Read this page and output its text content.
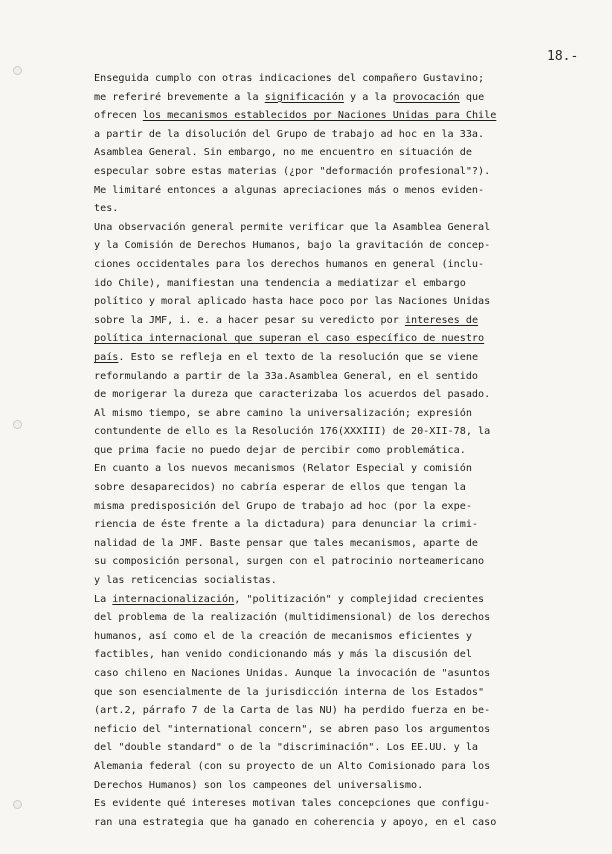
18.-
Enseguida cumplo con otras indicaciones del compañero Gustavino;
me referiré brevemente a la significación y a la provocación que
ofrecen los mecanismos establecidos por Naciones Unidas para Chile
a partir de la disolución del Grupo de trabajo ad hoc en la 33a.
Asamblea General. Sin embargo, no me encuentro en situación de
especular sobre estas materias (¿por "deformación profesional"?).
Me limitaré entonces a algunas apreciaciones más o menos eviden-
tes.
Una observación general permite verificar que la Asamblea General
y la Comisión de Derechos Humanos, bajo la gravitación de concep-
ciones occidentales para los derechos humanos en general (inclu-
ido Chile), manifiestan una tendencia a mediatizar el embargo
político y moral aplicado hasta hace poco por las Naciones Unidas
sobre la JMF, i. e. a hacer pesar su veredicto por intereses de
política internacional que superan el caso específico de nuestro
país. Esto se refleja en el texto de la resolución que se viene
reformulando a partir de la 33a.Asamblea General, en el sentido
de morigerar la dureza que caracterizaba los acuerdos del pasado.
Al mismo tiempo, se abre camino la universalización; expresión
contundente de ello es la Resolución 176(XXXIII) de 20-XII-78, la
que prima facie no puedo dejar de percibir como problemática.
En cuanto a los nuevos mecanismos (Relator Especial y comisión
sobre desaparecidos) no cabría esperar de ellos que tengan la
misma predisposición del Grupo de trabajo ad hoc (por la expe-
riencia de éste frente a la dictadura) para denunciar la crimi-
nalidad de la JMF. Baste pensar que tales mecanismos, aparte de
su composición personal, surgen con el patrocinio norteamericano
y las reticencias socialistas.
La internacionalización, "politización" y complejidad crecientes
del problema de la realización (multidimensional) de los derechos
humanos, así como el de la creación de mecanismos eficientes y
factibles, han venido condicionando más y más la discusión del
caso chileno en Naciones Unidas. Aunque la invocación de "asuntos
que son esencialmente de la jurisdicción interna de los Estados"
(art.2, párrafo 7 de la Carta de las NU) ha perdido fuerza en be-
neficio del "international concern", se abren paso los argumentos
del "double standard" o de la "discriminación". Los EE.UU. y la
Alemania federal (con su proyecto de un Alto Comisionado para los
Derechos Humanos) son los campeones del universalismo.
Es evidente qué intereses motivan tales concepciones que configu-
ran una estrategia que ha ganado en coherencia y apoyo, en el caso
